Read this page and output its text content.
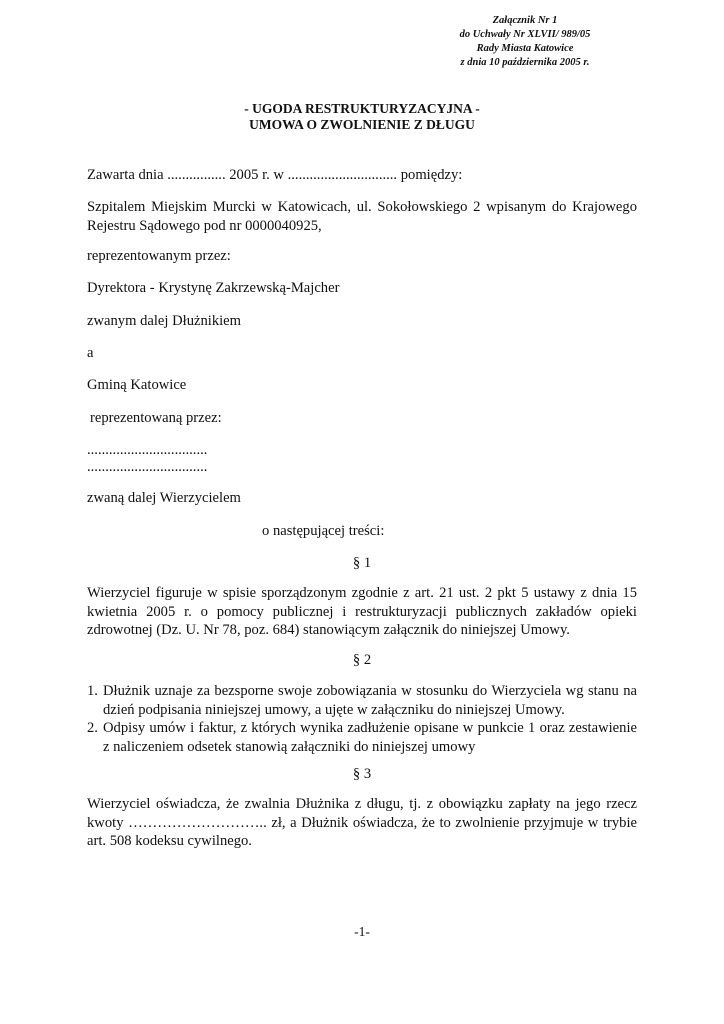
Załącznik Nr 1
do Uchwały Nr XLVII/ 989/05
Rady Miasta Katowice
z dnia 10 października 2005 r.
- UGODA RESTRUKTURYZACYJNA -
UMOWA O ZWOLNIENIE Z DŁUGU
Zawarta dnia ................ 2005 r. w .............................. pomiędzy:
Szpitalem Miejskim Murcki w Katowicach, ul. Sokołowskiego 2 wpisanym do Krajowego Rejestru Sądowego pod nr 0000040925,
reprezentowanym przez:
Dyrektora - Krystynę Zakrzewską-Majcher
zwanym dalej Dłużnikiem
a
Gminą Katowice
reprezentowaną przez:
.................................
.................................
zwaną dalej Wierzycielem
o następującej treści:
§ 1
Wierzyciel figuruje w spisie sporządzonym zgodnie z art. 21 ust. 2 pkt 5 ustawy z dnia 15 kwietnia 2005 r. o pomocy publicznej i restrukturyzacji publicznych zakładów opieki zdrowotnej (Dz. U. Nr 78, poz. 684) stanowiącym załącznik do niniejszej Umowy.
§ 2
1. Dłużnik uznaje za bezsporne swoje zobowiązania w stosunku do Wierzyciela wg stanu na dzień podpisania niniejszej umowy, a ujęte w załączniku do niniejszej Umowy.
2. Odpisy umów i faktur, z których wynika zadłużenie opisane w punkcie 1 oraz zestawienie z naliczeniem odsetek stanowią załączniki do niniejszej umowy
§ 3
Wierzyciel oświadcza, że zwalnia Dłużnika z długu, tj. z obowiązku zapłaty na jego rzecz kwoty ……………………….. zł, a Dłużnik oświadcza, że to zwolnienie przyjmuje w trybie art. 508 kodeksu cywilnego.
-1-
